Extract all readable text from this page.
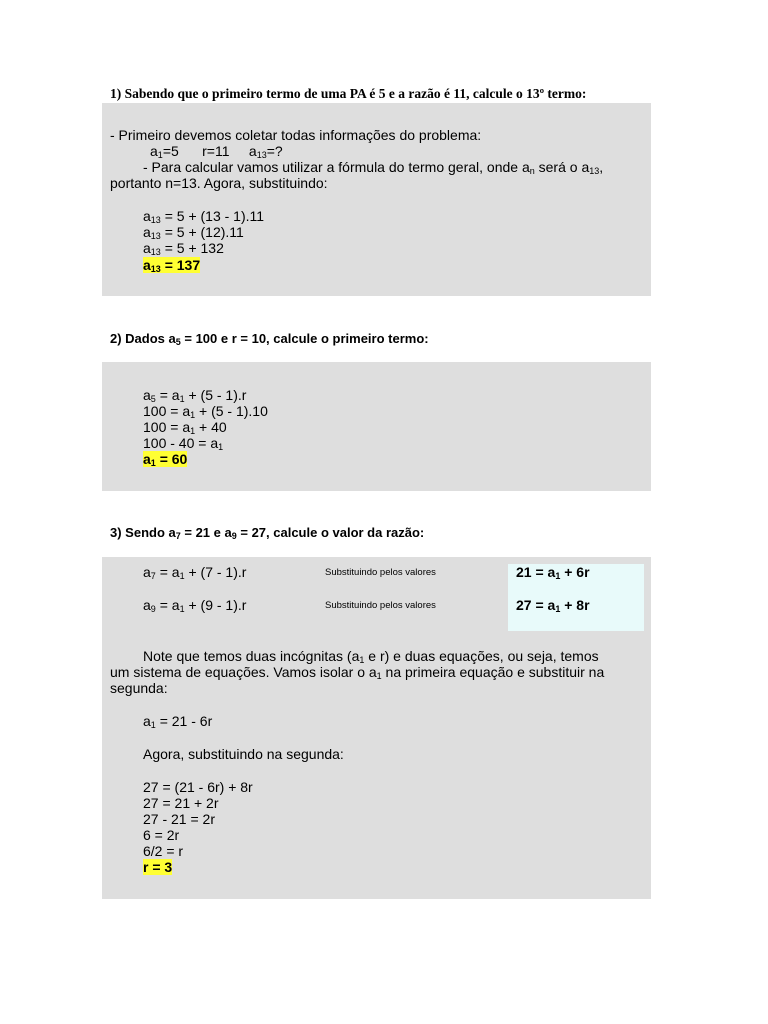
1) Sabendo que o primeiro termo de uma PA é 5 e a razão é 11, calcule o 13º termo:
- Primeiro devemos coletar todas informações do problema:
$a_1=5$      r=11     $a_{13}=$?
- Para calcular vamos utilizar a fórmula do termo geral, onde $a_n$ será o $a_{13}$,
portanto n=13. Agora, substituindo:
$a_{13} = 5 + (13 - 1).11$
$a_{13} = 5 + (12).11$
$a_{13} = 5 + 132$
$a_{13} = 137$
2) Dados $a_5 = 100$ e r = 10, calcule o primeiro termo:
$a_5 = a_1 + (5 - 1).r$
$100 = a_1 + (5 - 1).10$
$100 = a_1 + 40$
$100 - 40 = a_1$
$a_1 = 60$
3) Sendo $a_7 = 21$ e $a_9 = 27$, calcule o valor da razão:
$a_7 = a_1 + (7 - 1).r$	Substituindo pelos valores	$21 = a_1 + 6r$
$a_9 = a_1 + (9 - 1).r$	Substituindo pelos valores	$27 = a_1 + 8r$
Note que temos duas incógnitas ($a_1$ e r) e duas equações, ou seja, temos
um sistema de equações. Vamos isolar o $a_1$ na primeira equação e substituir na
segunda:
$a_1 = 21 - 6r$
Agora, substituindo na segunda:
27 = (21 - 6r) + 8r
27 = 21 + 2r
27 - 21 = 2r
6 = 2r
6/2 = r
r = 3
